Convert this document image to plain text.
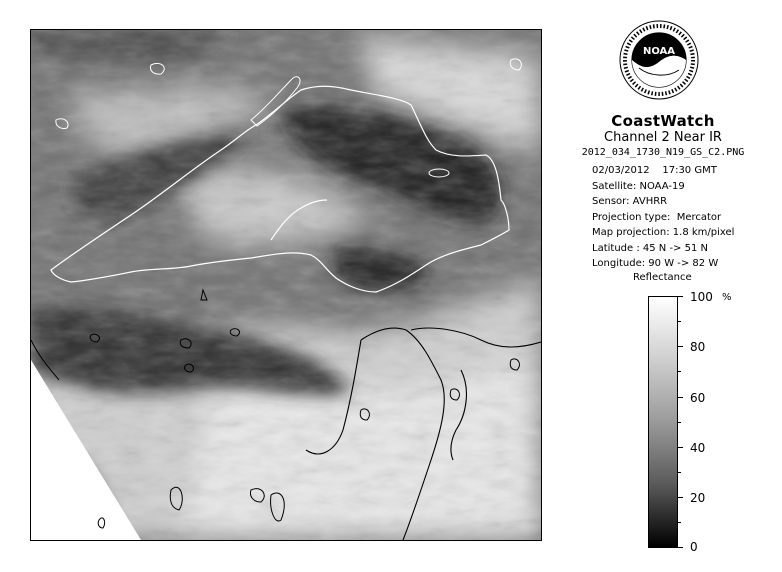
NOAA
CoastWatch
Channel 2 Near IR
2012_034_1730_N19_GS_C2.PNG
02/03/2012    17:30 GMT
Satellite: NOAA-19
Sensor: AVHRR
Projection type:  Mercator
Map projection: 1.8 km/pixel
Latitude : 45 N -> 51 N
Longitude: 90 W -> 82 W
Reflectance
%
100
80
60
40
20
0
